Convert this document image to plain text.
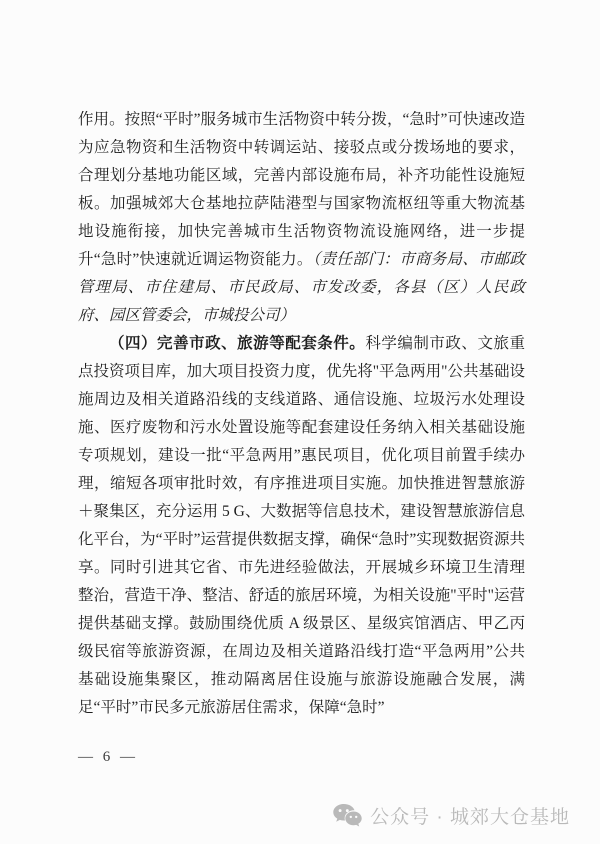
作用。按照“平时”服务城市生活物资中转分拨，“急时”可快速改造为应急物资和生活物资中转调运站、接驳点或分拨场地的要求，合理划分基地功能区域，完善内部设施布局，补齐功能性设施短板。加强城郊大仓基地拉萨陆港型与国家物流枢纽等重大物流基地设施衔接，加快完善城市生活物资物流设施网络，进一步提升“急时”快速就近调运物资能力。（责任部门：市商务局、市邮政管理局、市住建局、市民政局、市发改委，各县（区）人民政府、园区管委会，市城投公司）

（四）完善市政、旅游等配套条件。科学编制市政、文旅重点投资项目库，加大项目投资力度，优先将"平急两用"公共基础设施周边及相关道路沿线的支线道路、通信设施、垃圾污水处理设施、医疗废物和污水处置设施等配套建设任务纳入相关基础设施专项规划，建设一批“平急两用”惠民项目，优化项目前置手续办理，缩短各项审批时效，有序推进项目实施。加快推进智慧旅游＋聚集区，充分运用 5 G、大数据等信息技术，建设智慧旅游信息化平台，为“平时”运营提供数据支撑，确保“急时”实现数据资源共享。同时引进其它省、市先进经验做法，开展城乡环境卫生清理整治，营造干净、整洁、舒适的旅居环境，为相关设施"平时"运营提供基础支撑。鼓励围绕优质 A 级景区、星级宾馆酒店、甲乙丙级民宿等旅游资源，在周边及相关道路沿线打造“平急两用”公共基础设施集聚区，推动隔离居住设施与旅游设施融合发展，满足“平时”市民多元旅游居住需求，保障“急时”

— 6 —
公众号 · 城郊大仓基地
